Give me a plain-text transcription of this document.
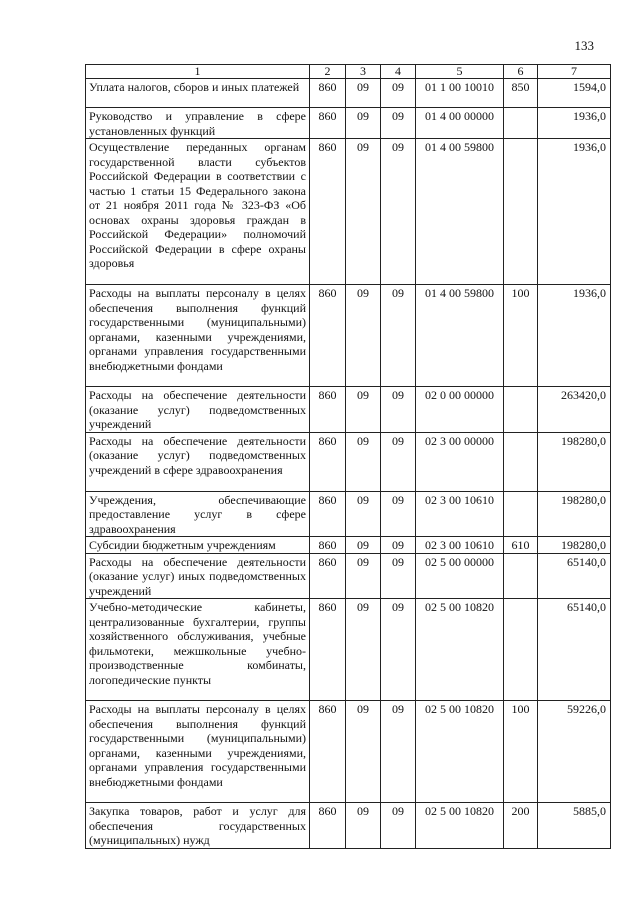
133
1	2	3	4	5	6	7
Уплата налогов, сборов и иных платежей	860	09	09	01 1 00 10010	850	1594,0
Руководство и управление в сфере установленных функций	860	09	09	01 4 00 00000		1936,0
Осуществление переданных органам государственной власти субъектов Российской Федерации в соответствии с частью 1 статьи 15 Федерального закона от 21 ноября 2011 года № 323-ФЗ «Об основах охраны здоровья граждан в Российской Федерации» полномочий Российской Федерации в сфере охраны здоровья	860	09	09	01 4 00 59800		1936,0
Расходы на выплаты персоналу в целях обеспечения выполнения функций государственными (муниципальными) органами, казенными учреждениями, органами управления государственными внебюджетными фондами	860	09	09	01 4 00 59800	100	1936,0
Расходы на обеспечение деятельности (оказание услуг) подведомственных учреждений	860	09	09	02 0 00 00000		263420,0
Расходы на обеспечение деятельности (оказание услуг) подведомственных учреждений в сфере здравоохранения	860	09	09	02 3 00 00000		198280,0
Учреждения, обеспечивающие предоставление услуг в сфере здравоохранения	860	09	09	02 3 00 10610		198280,0
Субсидии бюджетным учреждениям	860	09	09	02 3 00 10610	610	198280,0
Расходы на обеспечение деятельности (оказание услуг) иных подведомственных учреждений	860	09	09	02 5 00 00000		65140,0
Учебно-методические кабинеты, централизованные бухгалтерии, группы хозяйственного обслуживания, учебные фильмотеки, межшкольные учебно-производственные комбинаты, логопедические пункты	860	09	09	02 5 00 10820		65140,0
Расходы на выплаты персоналу в целях обеспечения выполнения функций государственными (муниципальными) органами, казенными учреждениями, органами управления государственными внебюджетными фондами	860	09	09	02 5 00 10820	100	59226,0
Закупка товаров, работ и услуг для обеспечения государственных (муниципальных) нужд	860	09	09	02 5 00 10820	200	5885,0
